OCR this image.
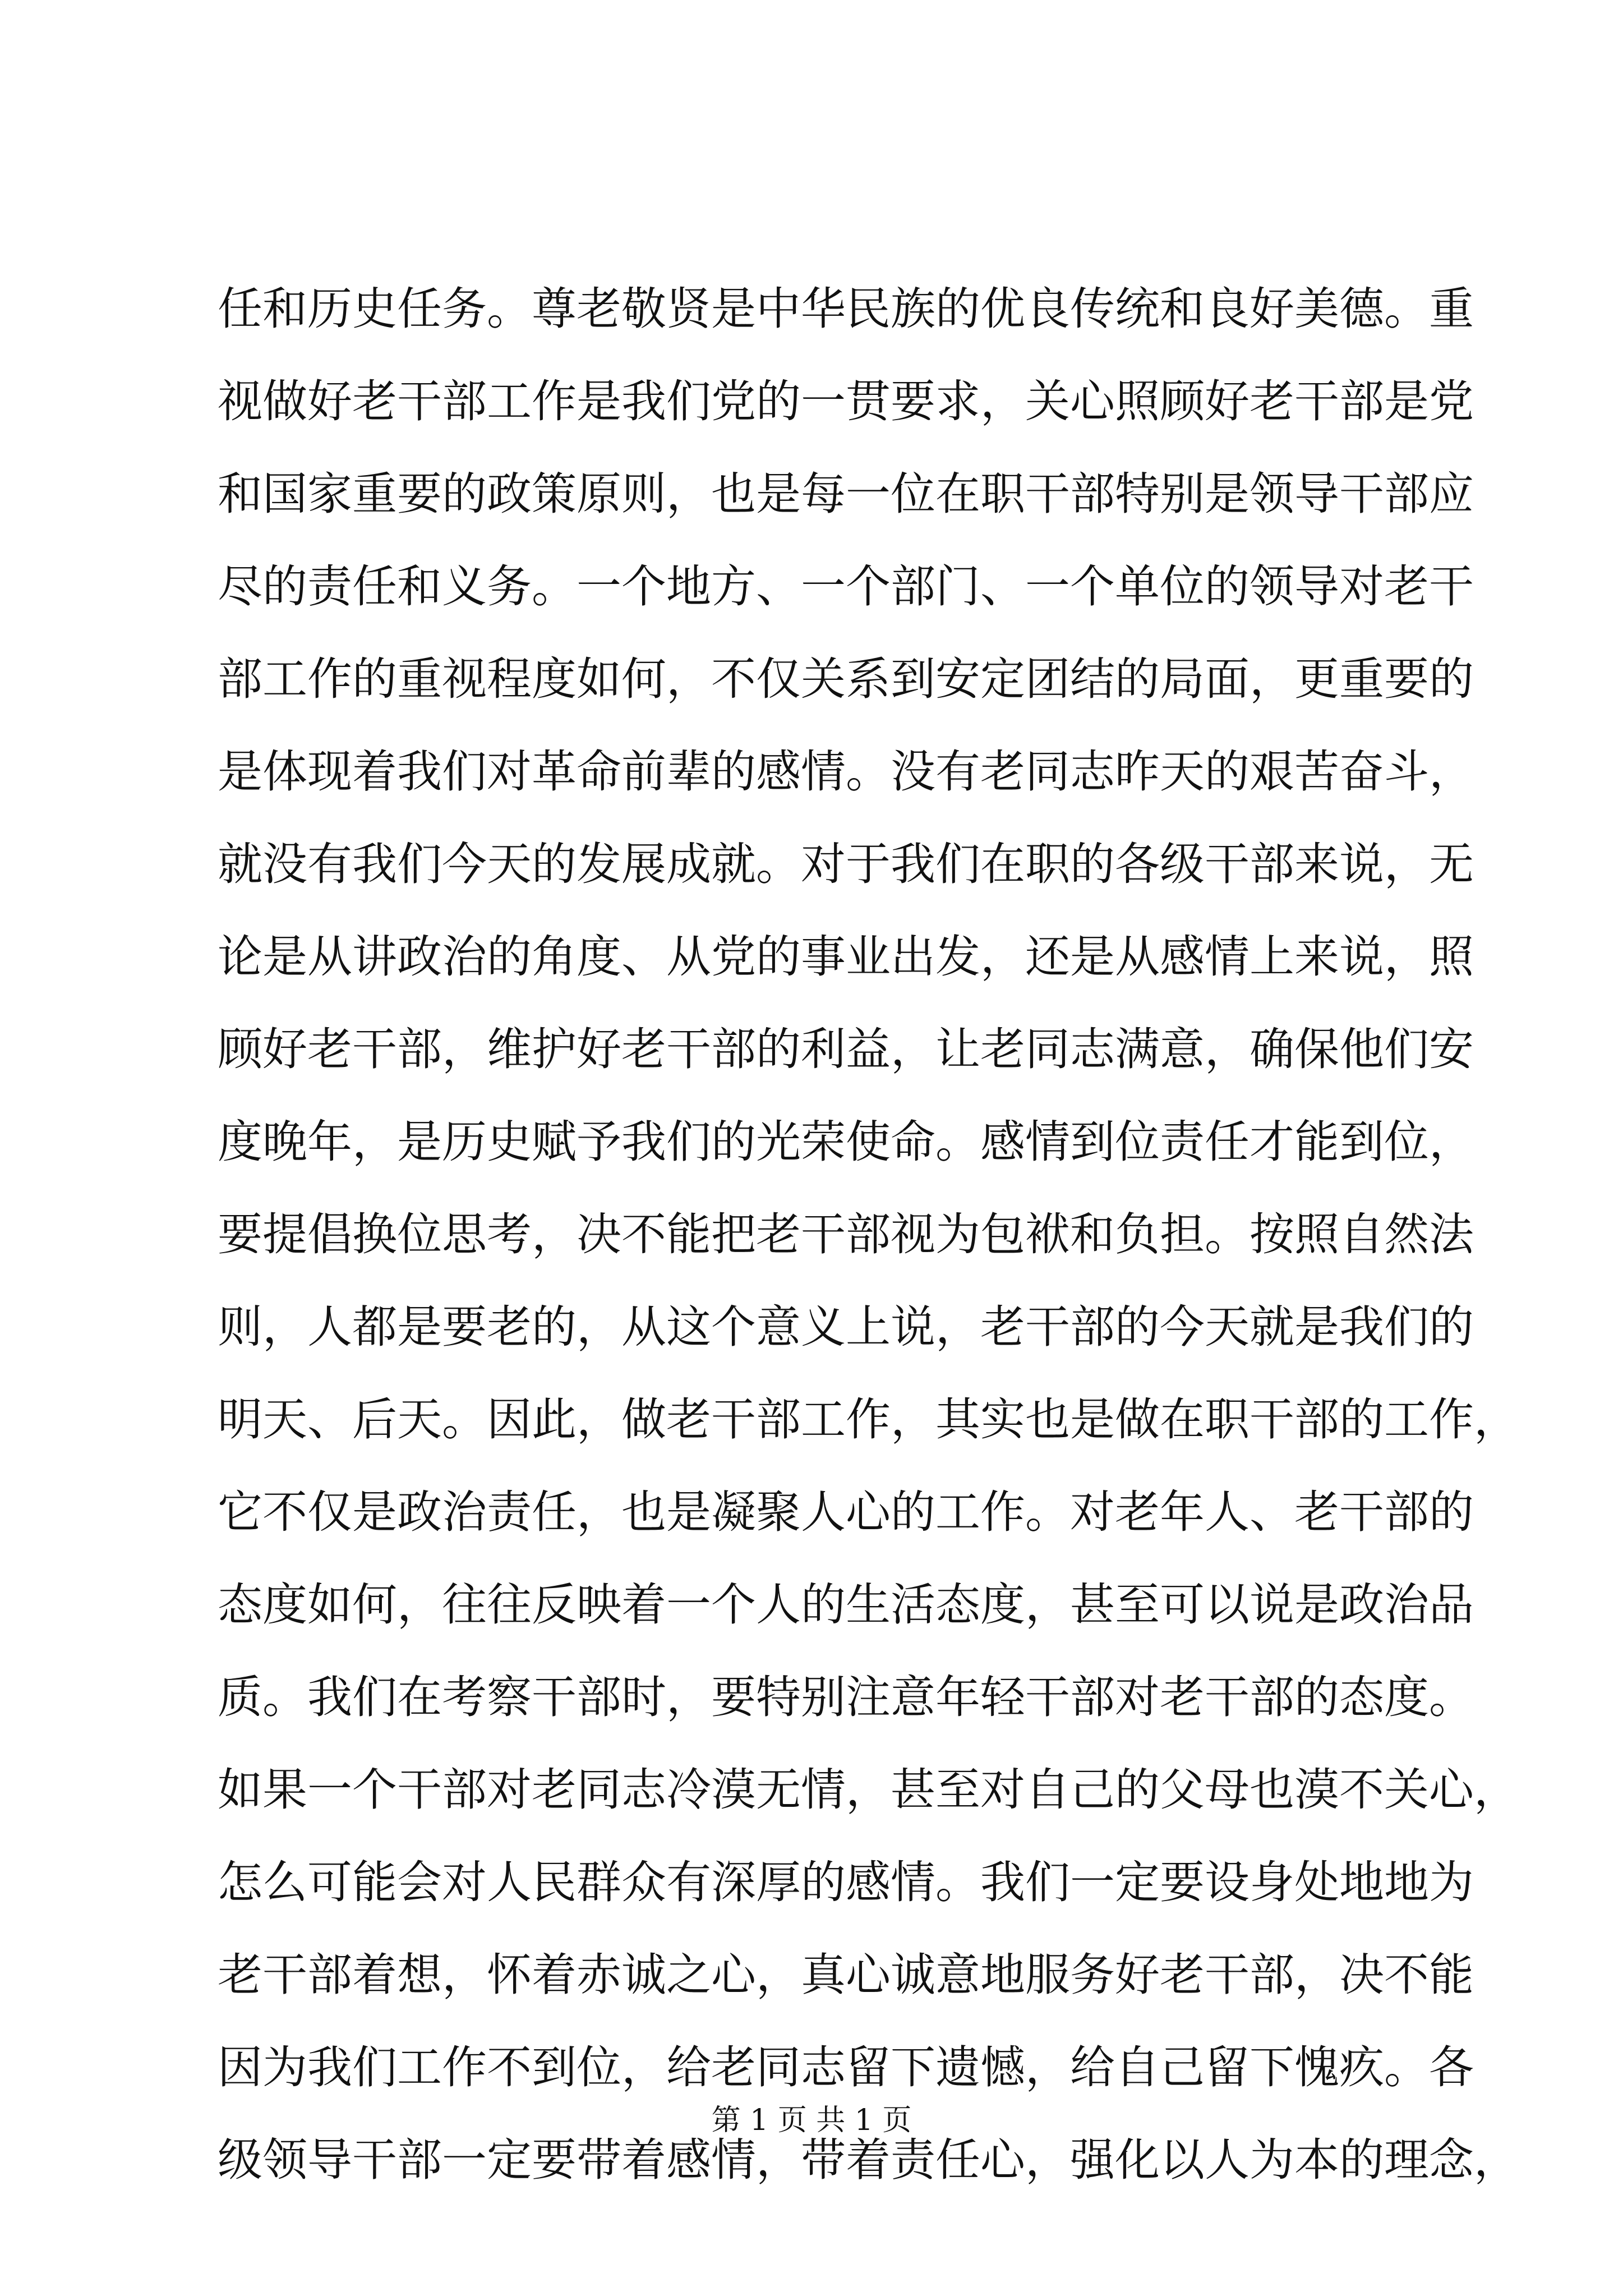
任和历史任务。尊老敬贤是中华民族的优良传统和良好美德。重
视做好老干部工作是我们党的一贯要求，关心照顾好老干部是党
和国家重要的政策原则，也是每一位在职干部特别是领导干部应
尽的责任和义务。一个地方、一个部门、一个单位的领导对老干
部工作的重视程度如何，不仅关系到安定团结的局面，更重要的
是体现着我们对革命前辈的感情。没有老同志昨天的艰苦奋斗，
就没有我们今天的发展成就。对于我们在职的各级干部来说，无
论是从讲政治的角度、从党的事业出发，还是从感情上来说，照
顾好老干部，维护好老干部的利益，让老同志满意，确保他们安
度晚年，是历史赋予我们的光荣使命。感情到位责任才能到位，
要提倡换位思考，决不能把老干部视为包袱和负担。按照自然法
则，人都是要老的，从这个意义上说，老干部的今天就是我们的
明天、后天。因此，做老干部工作，其实也是做在职干部的工作，
它不仅是政治责任，也是凝聚人心的工作。对老年人、老干部的
态度如何，往往反映着一个人的生活态度，甚至可以说是政治品
质。我们在考察干部时，要特别注意年轻干部对老干部的态度。
如果一个干部对老同志冷漠无情，甚至对自己的父母也漠不关心，
怎么可能会对人民群众有深厚的感情。我们一定要设身处地地为
老干部着想，怀着赤诚之心，真心诚意地服务好老干部，决不能
因为我们工作不到位，给老同志留下遗憾，给自己留下愧疚。各
级领导干部一定要带着感情，带着责任心，强化以人为本的理念，
第 1 页 共 1 页
